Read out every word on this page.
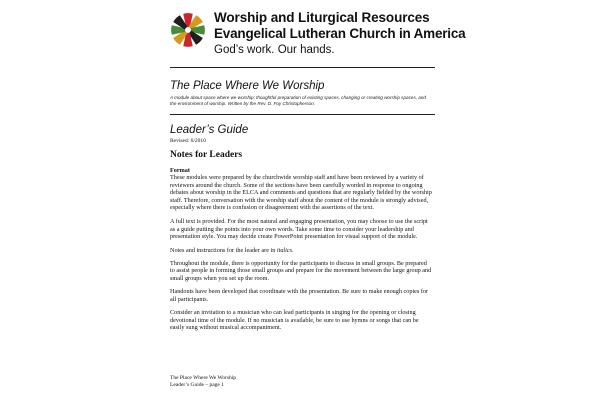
Worship and Liturgical Resources
Evangelical Lutheran Church in America
God’s work. Our hands.
The Place Where We Worship
A module about space where we worship; thoughtful preparation of existing spaces, changing or creating worship spaces, and the environment of worship. Written by the Rev. D. Foy Christopherson.
Leader’s Guide
Revised: 6/2010
Notes for Leaders
Format

These modules were prepared by the churchwide worship staff and have been reviewed by a variety of reviewers around the church. Some of the sections have been carefully worded in response to ongoing debates about worship in the ELCA and comments and questions that are regularly fielded by the worship staff. Therefore, conversation with the worship staff about the content of the module is strongly advised, especially where there is confusion or disagreement with the assertions of the text.

A full text is provided. For the most natural and engaging presentation, you may choose to use the script as a guide putting the points into your own words. Take some time to consider your leadership and presentation style. You may decide create PowerPoint presentation for visual support of the module.

Notes and instructions for the leader are in italics.

Throughout the module, there is opportunity for the participants to discuss in small groups. Be prepared to assist people in forming those small groups and prepare for the movement between the large group and small groups when you set up the room.

Handouts have been developed that coordinate with the presentation. Be sure to make enough copies for all participants.

Consider an invitation to a musician who can lead participants in singing for the opening or closing devotional time of the module. If no musician is available, be sure to use hymns or songs that can be easily sung without musical accompaniment.

The Place Where We Worship
Leader’s Guide – page 1
